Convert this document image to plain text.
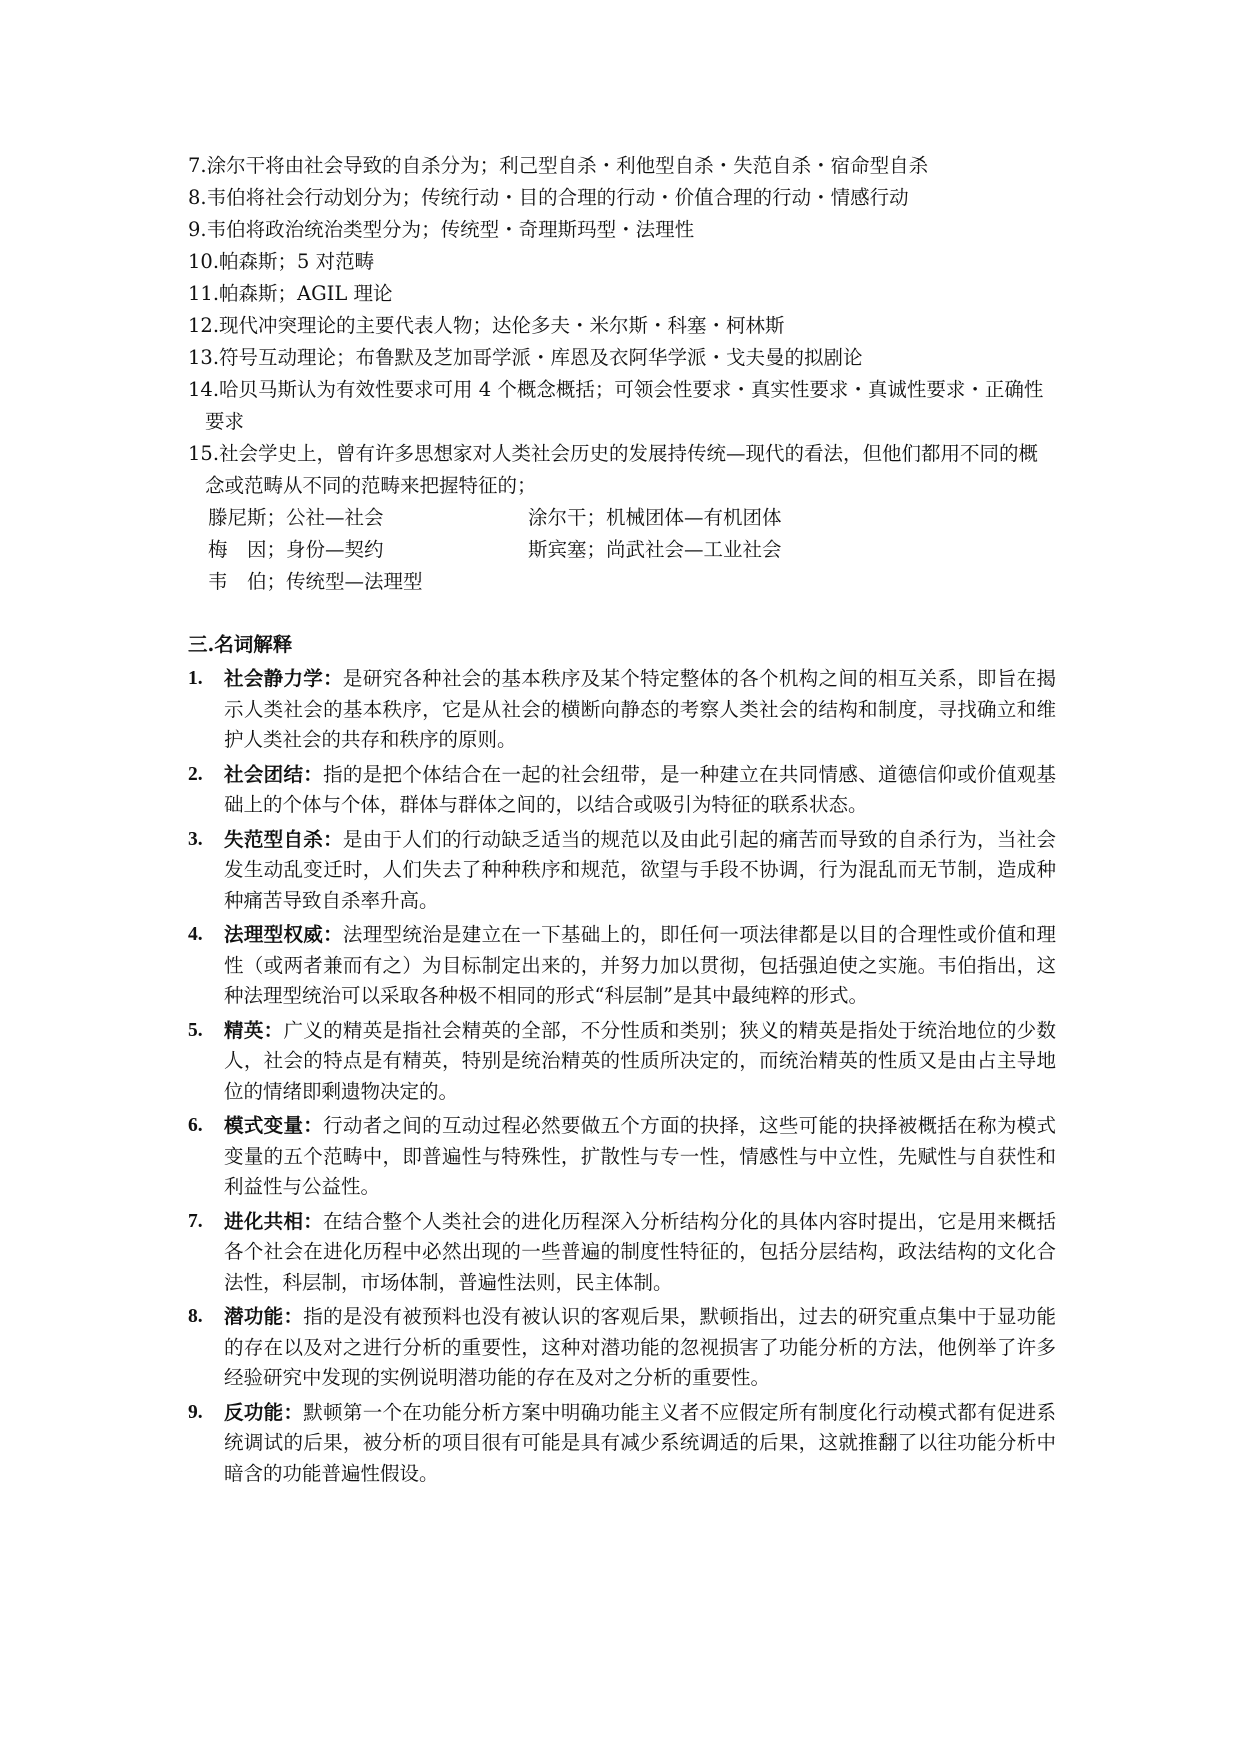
7.涂尔干将由社会导致的自杀分为；利己型自杀・利他型自杀・失范自杀・宿命型自杀
8.韦伯将社会行动划分为；传统行动・目的合理的行动・价值合理的行动・情感行动
9.韦伯将政治统治类型分为；传统型・奇理斯玛型・法理性
10.帕森斯；5 对范畴
11.帕森斯；AGIL 理论
12.现代冲突理论的主要代表人物；达伦多夫・米尔斯・科塞・柯林斯
13.符号互动理论；布鲁默及芝加哥学派・库恩及衣阿华学派・戈夫曼的拟剧论
14.哈贝马斯认为有效性要求可用 4 个概念概括；可领会性要求・真实性要求・真诚性要求・正确性要求
15.社会学史上，曾有许多思想家对人类社会历史的发展持传统—现代的看法，但他们都用不同的概念或范畴从不同的范畴来把握特征的；
滕尼斯；公社—社会	涂尔干；机械团体—有机团体
梅　因；身份—契约	斯宾塞；尚武社会—工业社会
韦　伯；传统型—法理型
三.名词解释
1. 社会静力学：是研究各种社会的基本秩序及某个特定整体的各个机构之间的相互关系，即旨在揭示人类社会的基本秩序，它是从社会的横断向静态的考察人类社会的结构和制度，寻找确立和维护人类社会的共存和秩序的原则。
2. 社会团结：指的是把个体结合在一起的社会纽带，是一种建立在共同情感、道德信仰或价值观基础上的个体与个体，群体与群体之间的，以结合或吸引为特征的联系状态。
3. 失范型自杀：是由于人们的行动缺乏适当的规范以及由此引起的痛苦而导致的自杀行为，当社会发生动乱变迁时，人们失去了种种秩序和规范，欲望与手段不协调，行为混乱而无节制，造成种种痛苦导致自杀率升高。
4. 法理型权威：法理型统治是建立在一下基础上的，即任何一项法律都是以目的合理性或价值和理性（或两者兼而有之）为目标制定出来的，并努力加以贯彻，包括强迫使之实施。韦伯指出，这种法理型统治可以采取各种极不相同的形式“科层制”是其中最纯粹的形式。
5. 精英：广义的精英是指社会精英的全部，不分性质和类别；狭义的精英是指处于统治地位的少数人，社会的特点是有精英，特别是统治精英的性质所决定的，而统治精英的性质又是由占主导地位的情绪即剩遗物决定的。
6. 模式变量：行动者之间的互动过程必然要做五个方面的抉择，这些可能的抉择被概括在称为模式变量的五个范畴中，即普遍性与特殊性，扩散性与专一性，情感性与中立性，先赋性与自获性和利益性与公益性。
7. 进化共相：在结合整个人类社会的进化历程深入分析结构分化的具体内容时提出，它是用来概括各个社会在进化历程中必然出现的一些普遍的制度性特征的，包括分层结构，政法结构的文化合法性，科层制，市场体制，普遍性法则，民主体制。
8. 潜功能：指的是没有被预料也没有被认识的客观后果，默顿指出，过去的研究重点集中于显功能的存在以及对之进行分析的重要性，这种对潜功能的忽视损害了功能分析的方法，他例举了许多经验研究中发现的实例说明潜功能的存在及对之分析的重要性。
9. 反功能：默顿第一个在功能分析方案中明确功能主义者不应假定所有制度化行动模式都有促进系统调试的后果，被分析的项目很有可能是具有减少系统调适的后果，这就推翻了以往功能分析中暗含的功能普遍性假设。
